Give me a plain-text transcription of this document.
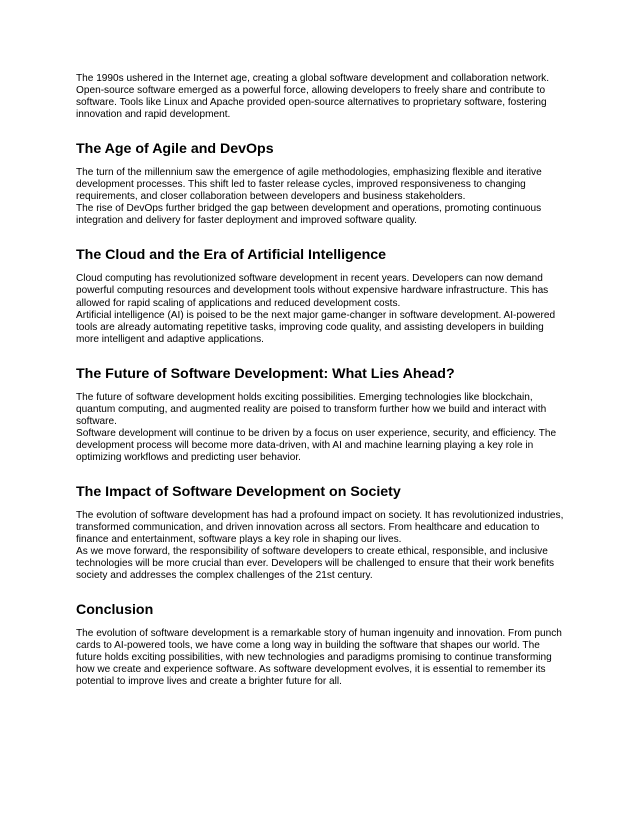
The 1990s ushered in the Internet age, creating a global software development and collaboration network. Open-source software emerged as a powerful force, allowing developers to freely share and contribute to software. Tools like Linux and Apache provided open-source alternatives to proprietary software, fostering innovation and rapid development.

The Age of Agile and DevOps

The turn of the millennium saw the emergence of agile methodologies, emphasizing flexible and iterative development processes. This shift led to faster release cycles, improved responsiveness to changing requirements, and closer collaboration between developers and business stakeholders.

The rise of DevOps further bridged the gap between development and operations, promoting continuous integration and delivery for faster deployment and improved software quality.

The Cloud and the Era of Artificial Intelligence

Cloud computing has revolutionized software development in recent years. Developers can now demand powerful computing resources and development tools without expensive hardware infrastructure. This has allowed for rapid scaling of applications and reduced development costs.

Artificial intelligence (AI) is poised to be the next major game-changer in software development. AI-powered tools are already automating repetitive tasks, improving code quality, and assisting developers in building more intelligent and adaptive applications.

The Future of Software Development: What Lies Ahead?

The future of software development holds exciting possibilities. Emerging technologies like blockchain, quantum computing, and augmented reality are poised to transform further how we build and interact with software.

Software development will continue to be driven by a focus on user experience, security, and efficiency. The development process will become more data-driven, with AI and machine learning playing a key role in optimizing workflows and predicting user behavior.

The Impact of Software Development on Society

The evolution of software development has had a profound impact on society. It has revolutionized industries, transformed communication, and driven innovation across all sectors. From healthcare and education to finance and entertainment, software plays a key role in shaping our lives.

As we move forward, the responsibility of software developers to create ethical, responsible, and inclusive technologies will be more crucial than ever. Developers will be challenged to ensure that their work benefits society and addresses the complex challenges of the 21st century.

Conclusion

The evolution of software development is a remarkable story of human ingenuity and innovation. From punch cards to AI-powered tools, we have come a long way in building the software that shapes our world. The future holds exciting possibilities, with new technologies and paradigms promising to continue transforming how we create and experience software. As software development evolves, it is essential to remember its potential to improve lives and create a brighter future for all.
